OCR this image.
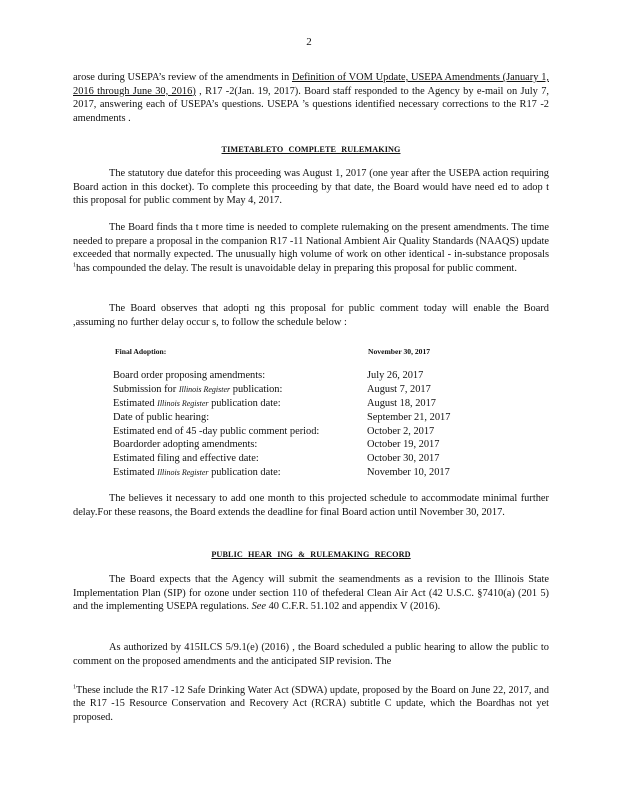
2

arose during USEPA’s review of the amendments in Definition of VOM Update, USEPA Amendments (January 1, 2016 through June 30, 2016) , R17 -2(Jan. 19, 2017). Board staff responded to the Agency by e-mail on July 7, 2017, answering each of USEPA’s questions. USEPA ’s questions identified necessary corrections to the R17 -2 amendments .

TIMETABLETO COMPLETE RULEMAKING

The statutory due datefor this proceeding was August 1, 2017 (one year after the USEPA action requiring Board action in this docket). To complete this proceeding by that date, the Board would have need ed to adop t this proposal for public comment by May 4, 2017.

The Board finds tha t more time is needed to complete rulemaking on the present amendments. The time needed to prepare a proposal in the companion R17 -11 National Ambient Air Quality Standards (NAAQS) update exceeded that normally expected. The unusually high volume of work on other identical - in-substance proposals $^1$has compounded the delay. The result is unavoidable delay in preparing this proposal for public comment.

The Board observes that adopti ng this proposal for public comment today will enable the Board ,assuming no further delay occur s, to follow the schedule below :

Final Adoption:	November 30, 2017
Board order proposing amendments:	July 26, 2017
Submission for Illinois Register publication:	August 7, 2017
Estimated Illinois Register publication date:	August 18, 2017
Date of public hearing:	September 21, 2017
Estimated end of 45 -day public comment period:	October 2, 2017
Boardorder adopting amendments:	October 19, 2017
Estimated filing and effective date:	October 30, 2017
Estimated Illinois Register publication date:	November 10, 2017

The believes it necessary to add one month to this projected schedule to accommodate minimal further delay.For these reasons, the Board extends the deadline for final Board action until November 30, 2017.

PUBLIC HEAR ING & RULEMAKING RECORD

The Board expects that the Agency will submit the seamendments as a revision to the Illinois State Implementation Plan (SIP) for ozone under section 110 of thefederal Clean Air Act (42 U.S.C. §7410(a) (201 5) and the implementing USEPA regulations. See 40 C.F.R. 51.102 and appendix V (2016).

As authorized by 415ILCS 5/9.1(e) (2016) , the Board scheduled a public hearing to allow the public to comment on the proposed amendments and the anticipated SIP revision. The

$^1$These include the R17 -12 Safe Drinking Water Act (SDWA) update, proposed by the Board on June 22, 2017, and the R17 -15 Resource Conservation and Recovery Act (RCRA) subtitle C update, which the Boardhas not yet proposed.
